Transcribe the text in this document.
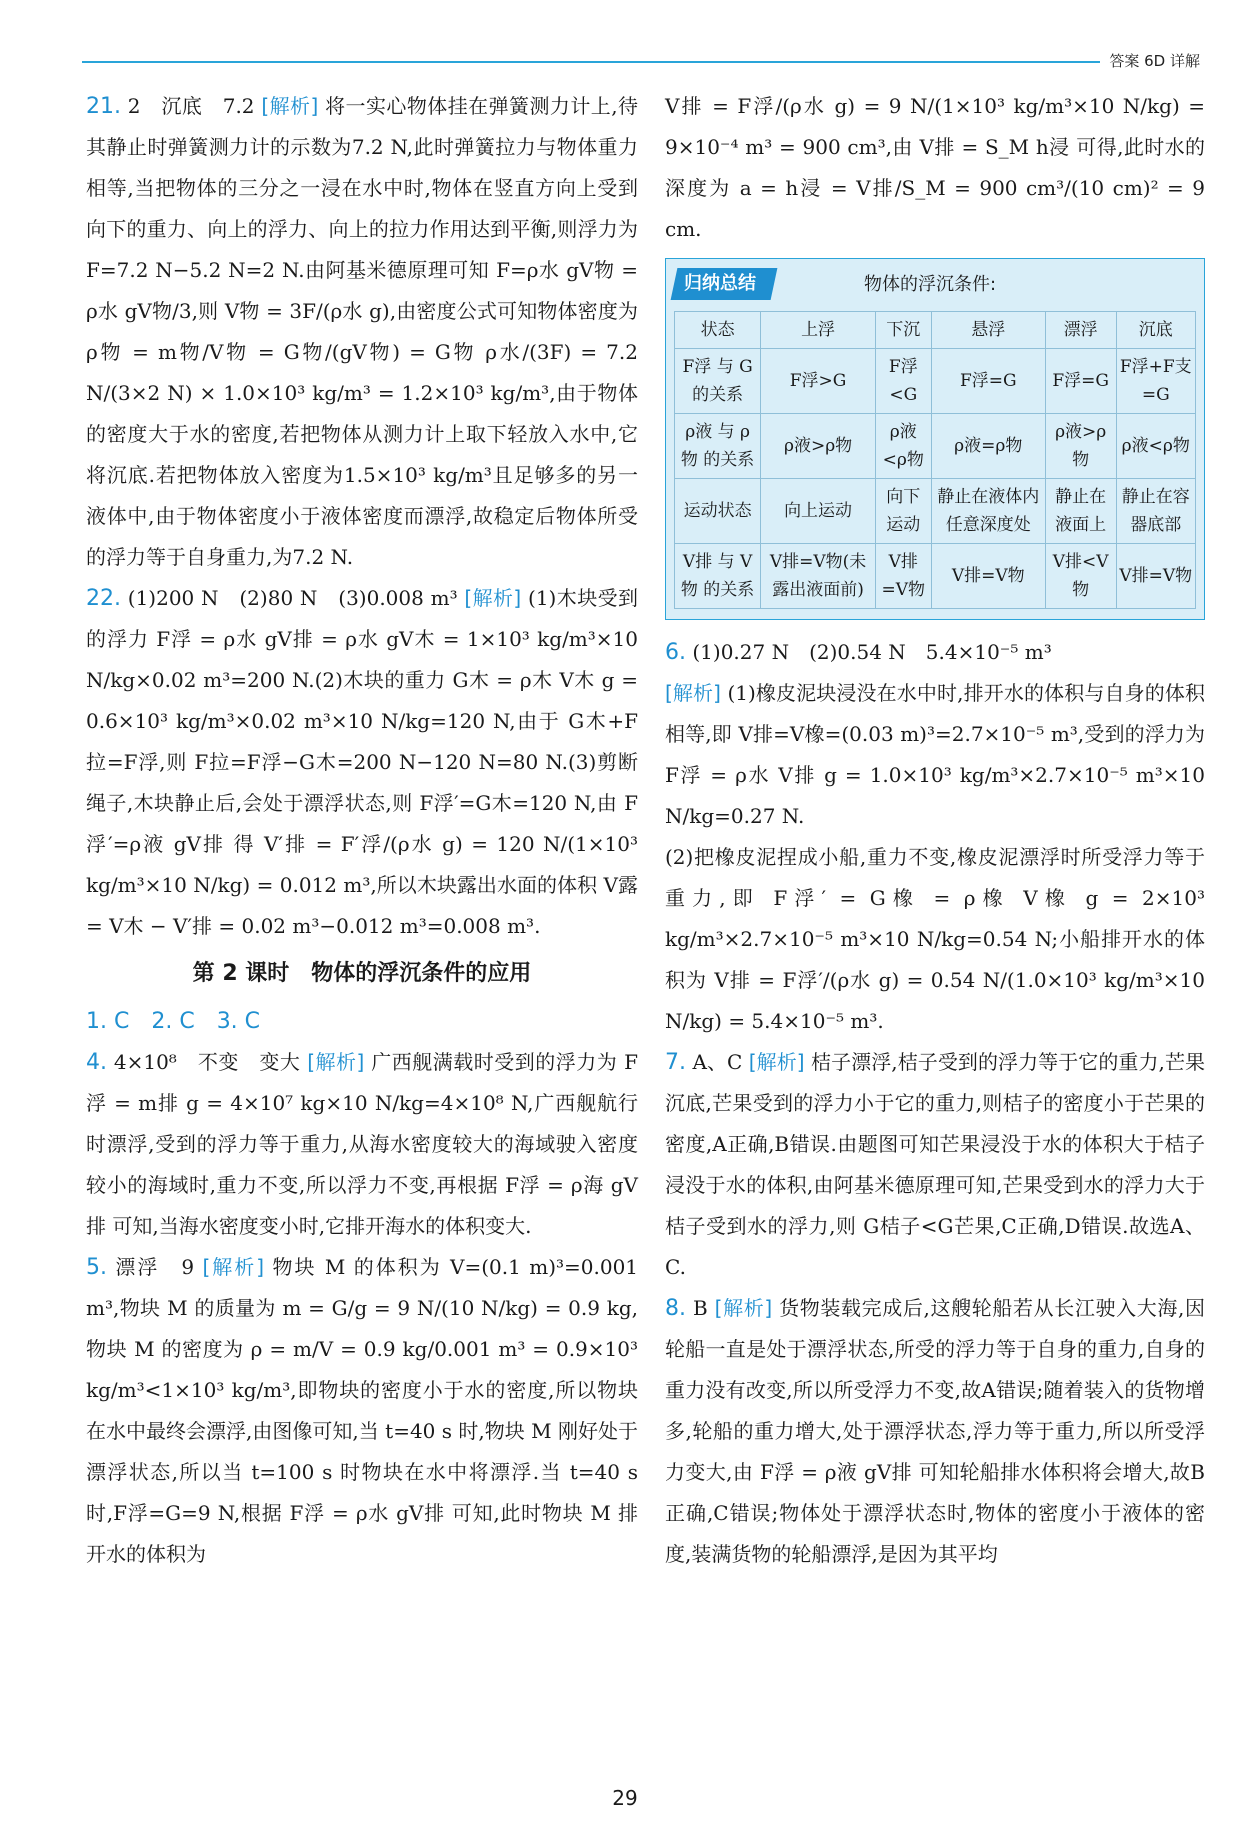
答案 6D 详解

21. 2　沉底　7.2 [解析] 将一实心物体挂在弹簧测力计上,待其静止时弹簧测力计的示数为7.2 N,此时弹簧拉力与物体重力相等,当把物体的三分之一浸在水中时,物体在竖直方向上受到向下的重力、向上的浮力、向上的拉力作用达到平衡,则浮力为 F=7.2 N−5.2 N=2 N.由阿基米德原理可知 F=ρ水 gV物 = ρ水 gV物/3,则 V物 = 3F/(ρ水 g),由密度公式可知物体密度为 ρ物 = m物/V物 = G物/(gV物) = G物 ρ水/(3F) = 7.2 N/(3×2 N) × 1.0×10³ kg/m³ = 1.2×10³ kg/m³,由于物体的密度大于水的密度,若把物体从测力计上取下轻放入水中,它将沉底.若把物体放入密度为1.5×10³ kg/m³且足够多的另一液体中,由于物体密度小于液体密度而漂浮,故稳定后物体所受的浮力等于自身重力,为7.2 N.

22. (1)200 N　(2)80 N　(3)0.008 m³ [解析] (1)木块受到的浮力 F浮 = ρ水 gV排 = ρ水 gV木 = 1×10³ kg/m³×10 N/kg×0.02 m³=200 N.(2)木块的重力 G木 = ρ木 V木 g = 0.6×10³ kg/m³×0.02 m³×10 N/kg=120 N,由于 G木+F拉=F浮,则 F拉=F浮−G木=200 N−120 N=80 N.(3)剪断绳子,木块静止后,会处于漂浮状态,则 F浮′=G木=120 N,由 F浮′=ρ液 gV排 得 V′排 = F′浮/(ρ水 g) = 120 N/(1×10³ kg/m³×10 N/kg) = 0.012 m³,所以木块露出水面的体积 V露 = V木 − V′排 = 0.02 m³−0.012 m³=0.008 m³.

第 2 课时　物体的浮沉条件的应用

1. C　2. C　3. C

4. 4×10⁸　不变　变大 [解析] 广西舰满载时受到的浮力为 F浮 = m排 g = 4×10⁷ kg×10 N/kg=4×10⁸ N,广西舰航行时漂浮,受到的浮力等于重力,从海水密度较大的海域驶入密度较小的海域时,重力不变,所以浮力不变,再根据 F浮 = ρ海 gV排 可知,当海水密度变小时,它排开海水的体积变大.

5. 漂浮　9 [解析] 物块 M 的体积为 V=(0.1 m)³=0.001 m³,物块 M 的质量为 m = G/g = 9 N/(10 N/kg) = 0.9 kg,物块 M 的密度为 ρ = m/V = 0.9 kg/0.001 m³ = 0.9×10³ kg/m³<1×10³ kg/m³,即物块的密度小于水的密度,所以物块在水中最终会漂浮,由图像可知,当 t=40 s 时,物块 M 刚好处于漂浮状态,所以当 t=100 s 时物块在水中将漂浮.当 t=40 s 时,F浮=G=9 N,根据 F浮 = ρ水 gV排 可知,此时物块 M 排开水的体积为

V排 = F浮/(ρ水 g) = 9 N/(1×10³ kg/m³×10 N/kg) = 9×10⁻⁴ m³ = 900 cm³,由 V排 = S_M h浸 可得,此时水的深度为 a = h浸 = V排/S_M = 900 cm³/(10 cm)² = 9 cm.

归纳总结	物体的浮沉条件:
状态	上浮	下沉	悬浮	漂浮	沉底
F浮 与 G 的关系	F浮>G	F浮<G	F浮=G	F浮=G	F浮+F支=G
ρ液 与 ρ物 的关系	ρ液>ρ物	ρ液<ρ物	ρ液=ρ物	ρ液>ρ物	ρ液<ρ物
运动状态	向上运动	向下运动	静止在液体内任意深度处	静止在液面上	静止在容器底部
V排 与 V物 的关系	V排=V物(未露出液面前)	V排=V物	V排=V物	V排<V物	V排=V物

6. (1)0.27 N　(2)0.54 N　5.4×10⁻⁵ m³

[解析] (1)橡皮泥块浸没在水中时,排开水的体积与自身的体积相等,即 V排=V橡=(0.03 m)³=2.7×10⁻⁵ m³,受到的浮力为 F浮 = ρ水 V排 g = 1.0×10³ kg/m³×2.7×10⁻⁵ m³×10 N/kg=0.27 N.

(2)把橡皮泥捏成小船,重力不变,橡皮泥漂浮时所受浮力等于重力,即 F浮′ = G橡 = ρ橡 V橡 g = 2×10³ kg/m³×2.7×10⁻⁵ m³×10 N/kg=0.54 N;小船排开水的体积为 V排 = F浮′/(ρ水 g) = 0.54 N/(1.0×10³ kg/m³×10 N/kg) = 5.4×10⁻⁵ m³.

7. A、C [解析] 桔子漂浮,桔子受到的浮力等于它的重力,芒果沉底,芒果受到的浮力小于它的重力,则桔子的密度小于芒果的密度,A正确,B错误.由题图可知芒果浸没于水的体积大于桔子浸没于水的体积,由阿基米德原理可知,芒果受到水的浮力大于桔子受到水的浮力,则 G桔子<G芒果,C正确,D错误.故选A、C.

8. B [解析] 货物装载完成后,这艘轮船若从长江驶入大海,因轮船一直是处于漂浮状态,所受的浮力等于自身的重力,自身的重力没有改变,所以所受浮力不变,故A错误;随着装入的货物增多,轮船的重力增大,处于漂浮状态,浮力等于重力,所以所受浮力变大,由 F浮 = ρ液 gV排 可知轮船排水体积将会增大,故B正确,C错误;物体处于漂浮状态时,物体的密度小于液体的密度,装满货物的轮船漂浮,是因为其平均

29
